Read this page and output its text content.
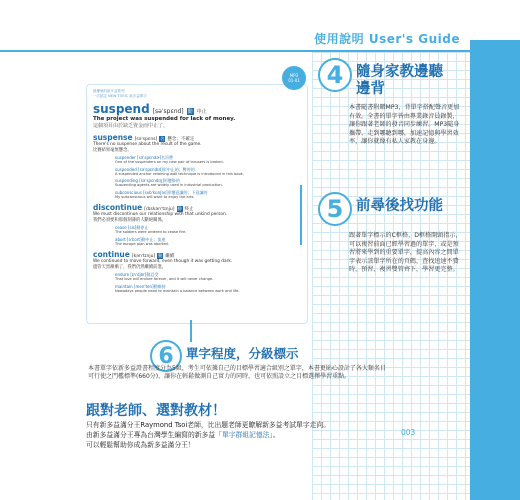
使用說明 User's Guide
最權威的新多益系列
一次搞定 NEW TOEIC 新多益單字
suspend [səˈspɛnd] 動 中止
The project was suspended for lack of money.
這個項目由於缺乏資金而中止了。
suspense [səˈspɛns] 名 懸念；不確定
There's no suspense about the result of the game.
比賽結果毫無懸念。
suspender [səˈspɛndɚ]名吊帶
One of the suspenders on my new pair of trousers is broken.
suspended [səˈspɛndɪd]形中止的；暫停的
A suspended anchor retaining wall technique is introduced in this book.
suspending [səˈspɛndɪŋ]形懸掛的
Suspending agents are widely used in industrial production.
subconscious [sʌbˈkɑnʃəs]形潛意識的；下意識的
My subconscious will want to enjoy the arts.
discontinue [dɪskənˈtɪnju] 動 終止
We must discontinue our relationship with that unkind person.
我們必須要和那個刻薄的人斷絕關係。
cease [sis]動停止
The soldiers were ordered to cease fire.
abort [əˈbɔrt]動中止；流產
The escape plan was aborted.
continue [kənˈtɪnju] 動 繼續
We continued to move forward, even though it was getting dark.
儘管天黑漸漸了，我們仍然繼續前進。
endure [ɪnˈdjʊr]動忍受
That love will endure forever, and it will never change.
maintain [menˈten]動維持
Nowadays people need to maintain a balance between work and life.
MP3
01-01	4 隨身家教邊聽邊背
本書隨書附贈MP3，背單字搭配聲音更加有效。全書的單字皆由專業錄音員錄製，讓你跟著老師的發音同步練習。MP3隨身攜帶，走到哪聽到哪，加速記憶與學習效率，讓你就像有私人家教在身邊。
5 前尋後找功能
跟著單字標示的C框格，D框格開頭指示，可以複習前面已經學習過的單字，或是預習將來學到的重要單字，提高內容之間單字表示該單字所在的頁碼，查找迅速不費時，預習、複習雙管齊下，學習更完整。
6 單字程度，分級標示
本書單字依新多益證書程度分為5級，考生可依據自己的目標學習適合級別之單字，本書更貼心設計了各大類名目可行使之門檻標準(660分)，讓你在輕鬆做測自己實力的同時，也可依照設立之目標選擇學習重點。
跟對老師、選對教材！
只有新多益滿分王Raymond Tsoi老師，比出題老師更瞭解新多益考試單字走向。
由新多益滿分王專為台灣學生編寫的新多益「單字群組記憶法」。
可以輕鬆幫助你成為新多益滿分王！
003
